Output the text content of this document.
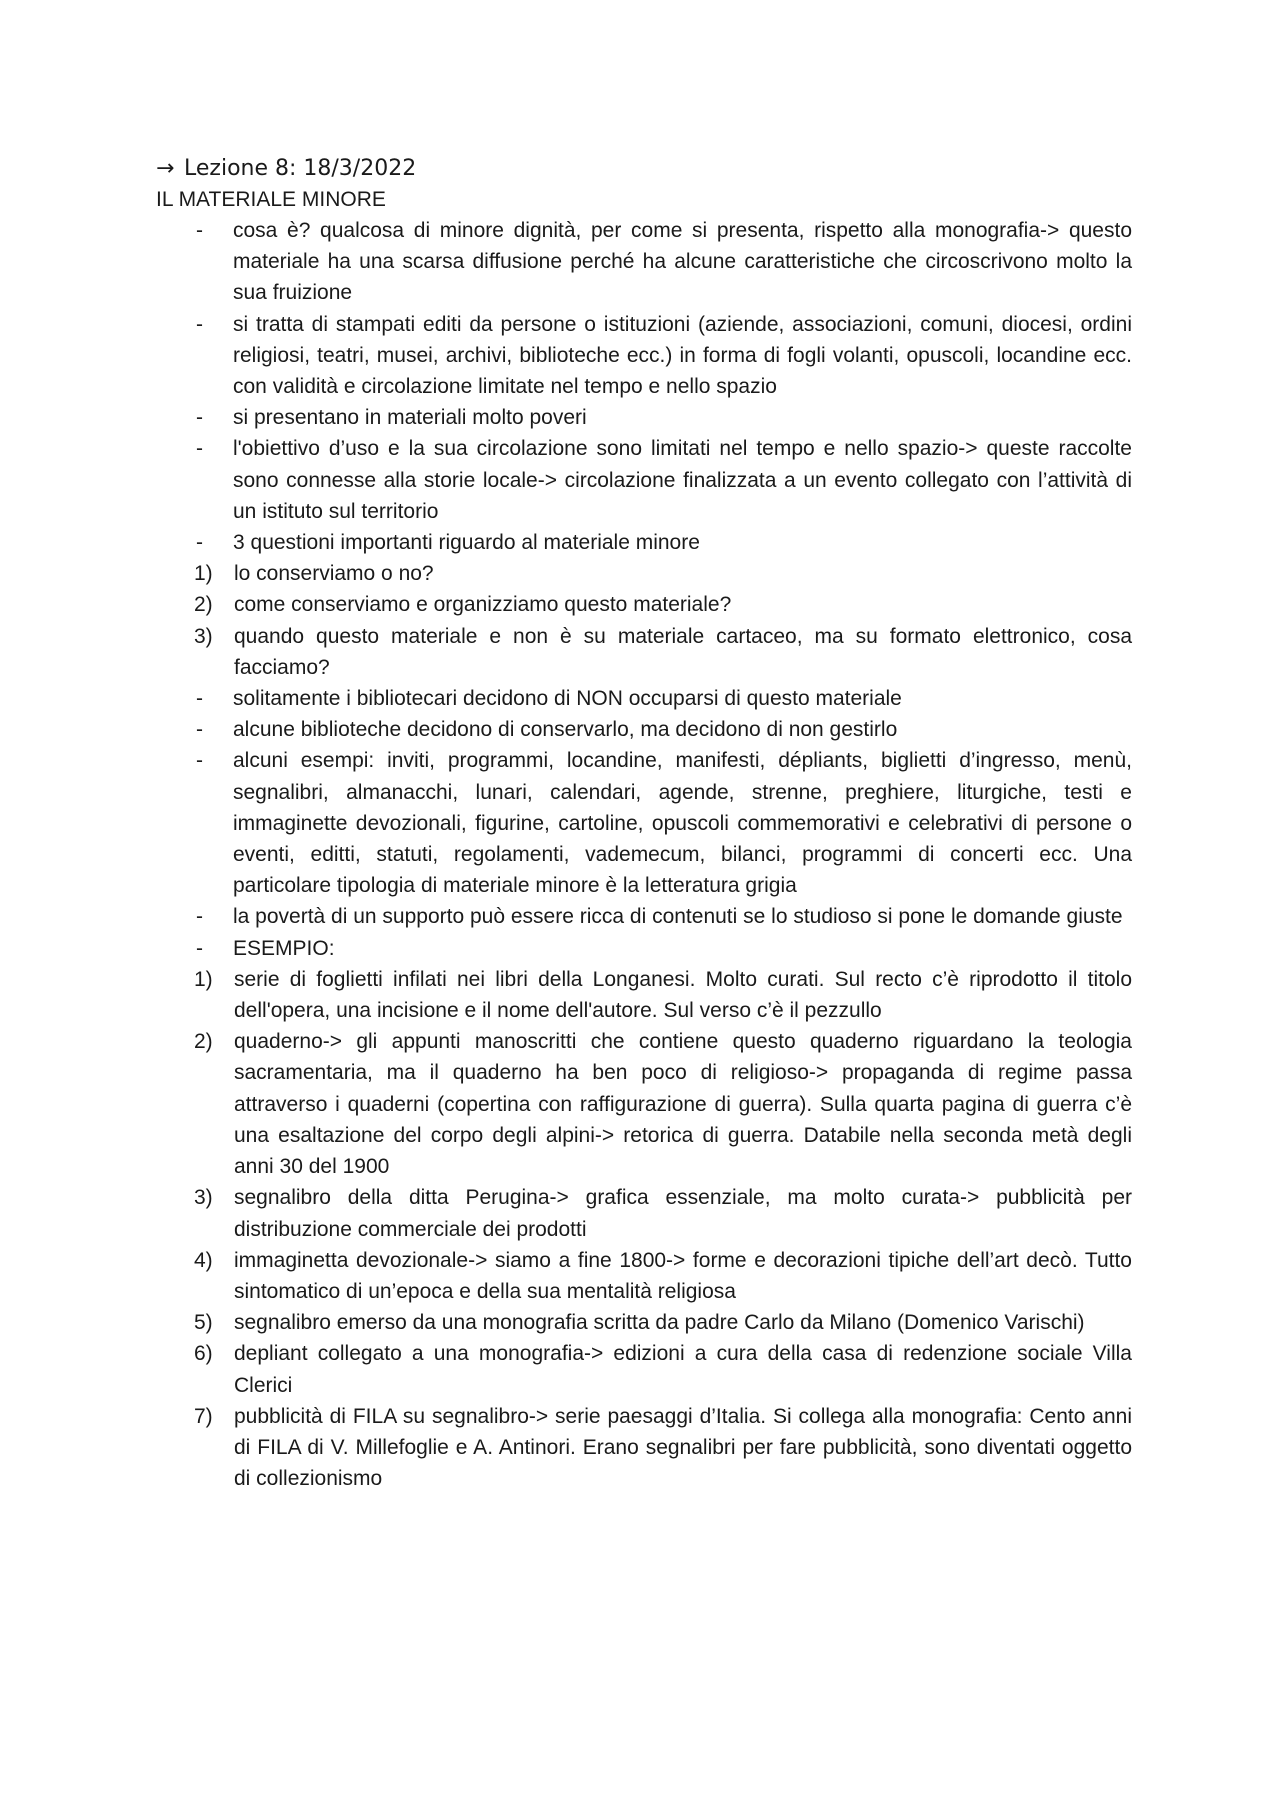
→ Lezione 8: 18/3/2022
IL MATERIALE MINORE
-	cosa è? qualcosa di minore dignità, per come si presenta, rispetto alla monografia-> questo materiale ha una scarsa diffusione perché ha alcune caratteristiche che circoscrivono molto la sua fruizione
-	si tratta di stampati editi da persone o istituzioni (aziende, associazioni, comuni, diocesi, ordini religiosi, teatri, musei, archivi, biblioteche ecc.) in forma di fogli volanti, opuscoli, locandine ecc. con validità e circolazione limitate nel tempo e nello spazio
-	si presentano in materiali molto poveri
-	l'obiettivo d’uso e la sua circolazione sono limitati nel tempo e nello spazio-> queste raccolte sono connesse alla storie locale-> circolazione finalizzata a un evento collegato con l’attività di un istituto sul territorio
-	3 questioni importanti riguardo al materiale minore
1)	lo conserviamo o no?
2)	come conserviamo e organizziamo questo materiale?
3)	quando questo materiale e non è su materiale cartaceo, ma su formato elettronico, cosa facciamo?
-	solitamente i bibliotecari decidono di NON occuparsi di questo materiale
-	alcune biblioteche decidono di conservarlo, ma decidono di non gestirlo
-	alcuni esempi: inviti, programmi, locandine, manifesti, dépliants, biglietti d’ingresso, menù, segnalibri, almanacchi, lunari, calendari, agende, strenne, preghiere, liturgiche, testi e immaginette devozionali, figurine, cartoline, opuscoli commemorativi e celebrativi di persone o eventi, editti, statuti, regolamenti, vademecum, bilanci, programmi di concerti ecc. Una particolare tipologia di materiale minore è la letteratura grigia
-	la povertà di un supporto può essere ricca di contenuti se lo studioso si pone le domande giuste
-	ESEMPIO:
1)	serie di foglietti infilati nei libri della Longanesi. Molto curati. Sul recto c’è riprodotto il titolo dell'opera, una incisione e il nome dell'autore. Sul verso c’è il pezzullo
2)	quaderno-> gli appunti manoscritti che contiene questo quaderno riguardano la teologia sacramentaria, ma il quaderno ha ben poco di religioso-> propaganda di regime passa attraverso i quaderni (copertina con raffigurazione di guerra). Sulla quarta pagina di guerra c’è una esaltazione del corpo degli alpini-> retorica di guerra. Databile nella seconda metà degli anni 30 del 1900
3)	segnalibro della ditta Perugina-> grafica essenziale, ma molto curata-> pubblicità per distribuzione commerciale dei prodotti
4)	immaginetta devozionale-> siamo a fine 1800-> forme e decorazioni tipiche dell’art decò. Tutto sintomatico di un’epoca e della sua mentalità religiosa
5)	segnalibro emerso da una monografia scritta da padre Carlo da Milano (Domenico Varischi)
6)	depliant collegato a una monografia-> edizioni a cura della casa di redenzione sociale Villa Clerici
7)	pubblicità di FILA su segnalibro-> serie paesaggi d’Italia. Si collega alla monografia: Cento anni di FILA di V. Millefoglie e A. Antinori. Erano segnalibri per fare pubblicità, sono diventati oggetto di collezionismo
